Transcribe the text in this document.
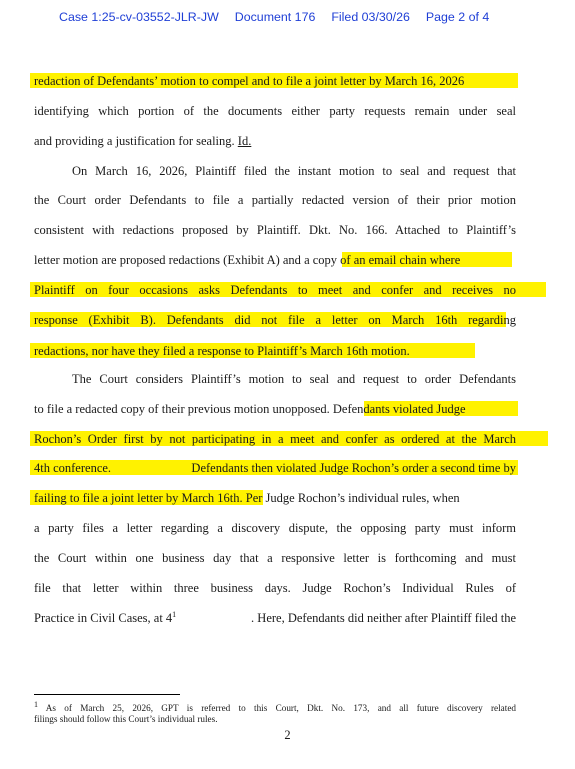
Case 1:25-cv-03552-JLR-JW Document 176 Filed 03/30/26 Page 2 of 4
redaction of Defendants’ motion to compel and to file a joint letter by March 16, 2026
identifying which portion of the documents either party requests remain under seal
and providing a justification for sealing. Id.
On March 16, 2026, Plaintiff filed the instant motion to seal and request that
the Court order Defendants to file a partially redacted version of their prior motion
consistent with redactions proposed by Plaintiff. Dkt. No. 166. Attached to Plaintiff’s
letter motion are proposed redactions (Exhibit A) and a copy of an email chain where
Plaintiff on four occasions asks Defendants to meet and confer and receives no
response (Exhibit B). Defendants did not file a letter on March 16th regarding
redactions, nor have they filed a response to Plaintiff’s March 16th motion.
The Court considers Plaintiff’s motion to seal and request to order Defendants
to file a redacted copy of their previous motion unopposed. Defendants violated Judge
Rochon’s Order first by not participating in a meet and confer as ordered at the March
4th conference.	Defendants then violated Judge Rochon’s order a second time by
failing to file a joint letter by March 16th. Per Judge Rochon’s individual rules, when
a party files a letter regarding a discovery dispute, the opposing party must inform
the Court within one business day that a responsive letter is forthcoming and must
file that letter within three business days. Judge Rochon’s Individual Rules of
Practice in Civil Cases, at $4^1$	. Here, Defendants did neither after Plaintiff filed the
$^1$ As of March 25, 2026, GPT is referred to this Court, Dkt. No. 173, and all future discovery related
filings should follow this Court’s individual rules.
2
